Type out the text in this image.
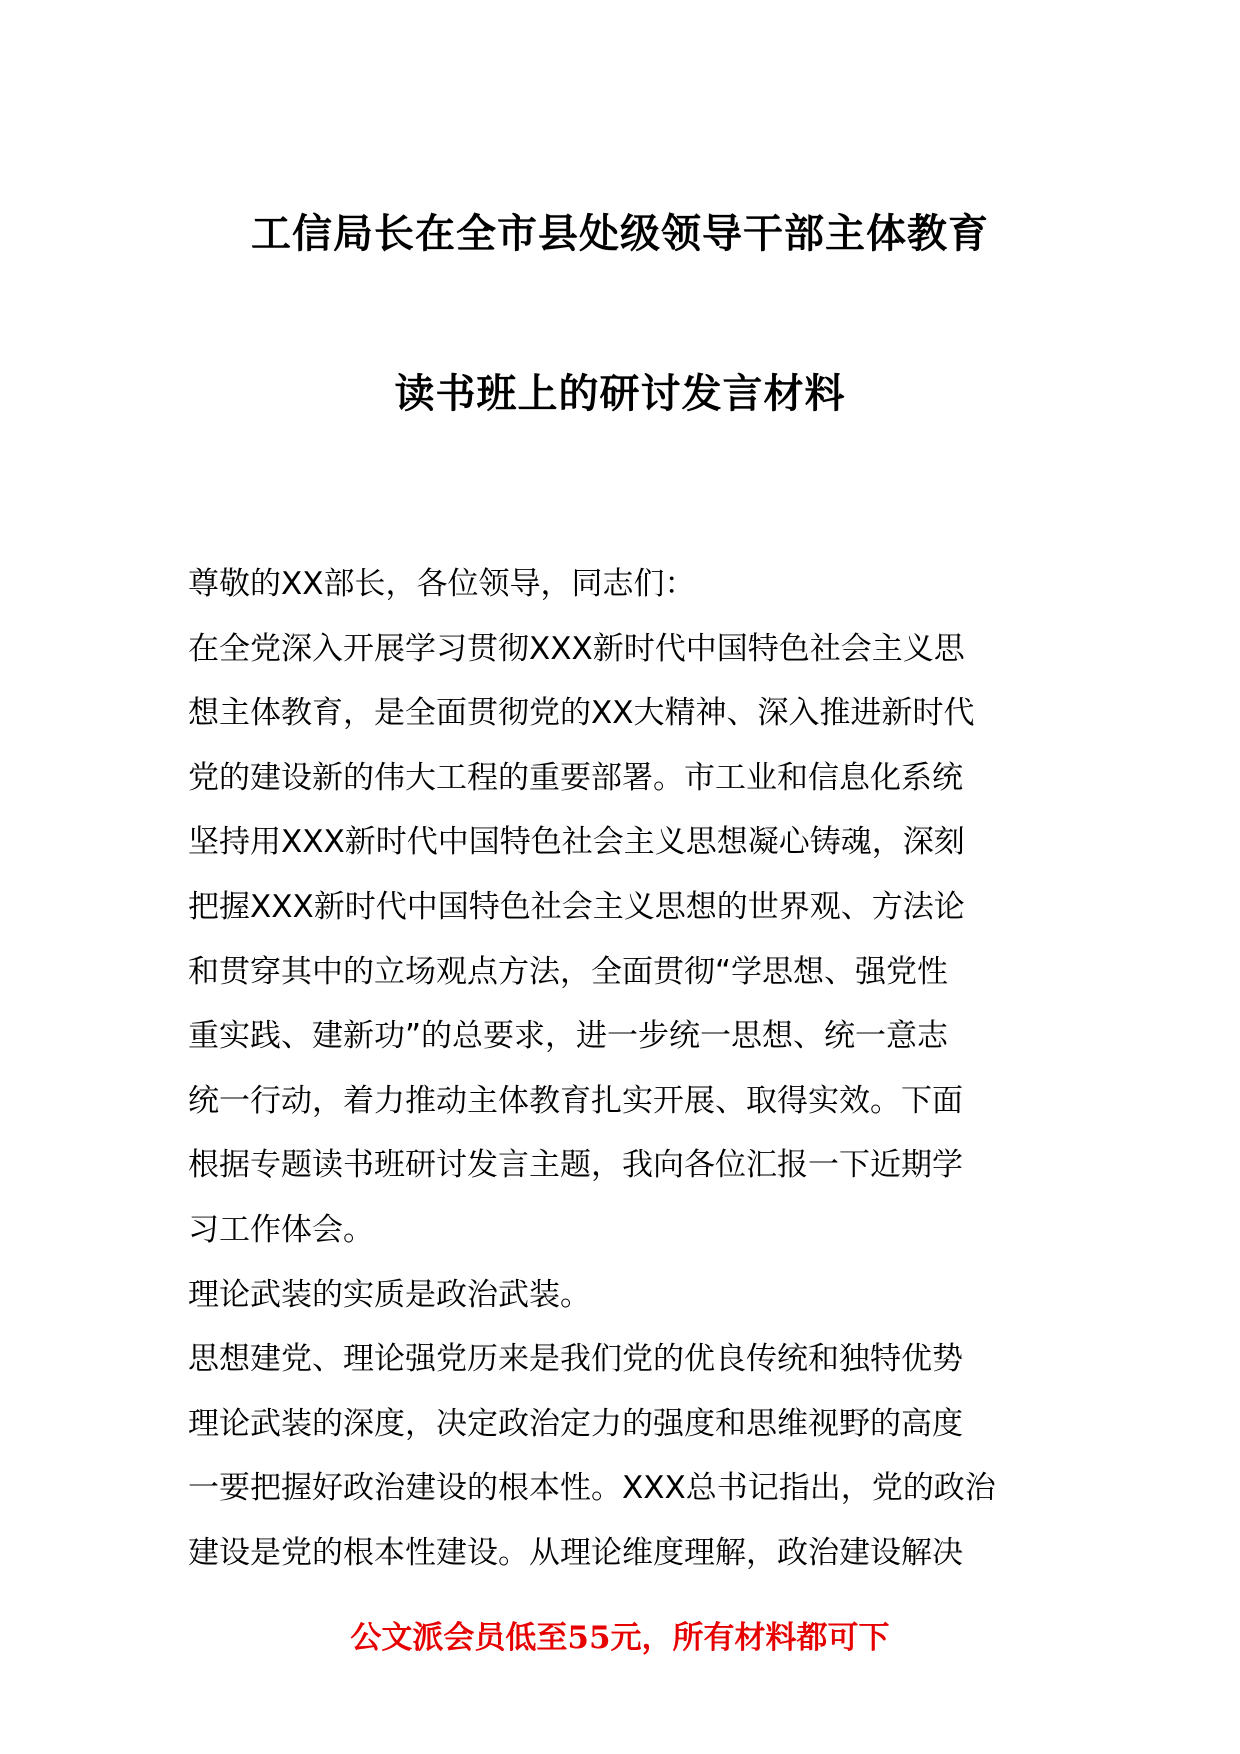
工信局长在全市县处级领导干部主体教育
读书班上的研讨发言材料
尊敬的XX部长，各位领导，同志们：
在全党深入开展学习贯彻XXX新时代中国特色社会主义思
想主体教育，是全面贯彻党的XX大精神、深入推进新时代
党的建设新的伟大工程的重要部署。市工业和信息化系统
坚持用XXX新时代中国特色社会主义思想凝心铸魂，深刻
把握XXX新时代中国特色社会主义思想的世界观、方法论
和贯穿其中的立场观点方法，全面贯彻“学思想、强党性
重实践、建新功”的总要求，进一步统一思想、统一意志
统一行动，着力推动主体教育扎实开展、取得实效。下面
根据专题读书班研讨发言主题，我向各位汇报一下近期学
习工作体会。
理论武装的实质是政治武装。
思想建党、理论强党历来是我们党的优良传统和独特优势
理论武装的深度，决定政治定力的强度和思维视野的高度
一要把握好政治建设的根本性。XXX总书记指出，党的政治
建设是党的根本性建设。从理论维度理解，政治建设解决
公文派会员低至55元，所有材料都可下
